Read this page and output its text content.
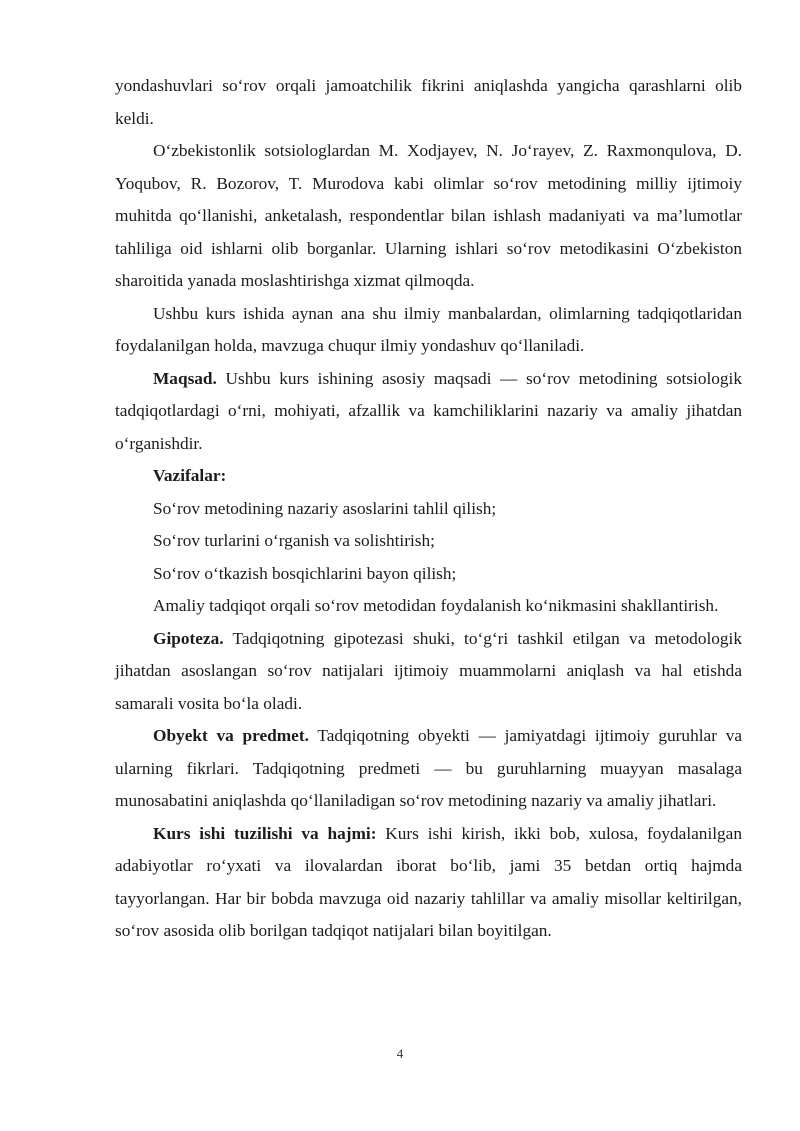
yondashuvlari so‘rov orqali jamoatchilik fikrini aniqlashda yangicha qarashlarni olib keldi.

O‘zbekistonlik sotsiologlardan M. Xodjayev, N. Jo‘rayev, Z. Raxmonqulova, D. Yoqubov, R. Bozorov, T. Murodova kabi olimlar so‘rov metodining milliy ijtimoiy muhitda qo‘llanishi, anketalash, respondentlar bilan ishlash madaniyati va ma’lumotlar tahliliga oid ishlarni olib borganlar. Ularning ishlari so‘rov metodikasini O‘zbekiston sharoitida yanada moslashtirishga xizmat qilmoqda.

Ushbu kurs ishida aynan ana shu ilmiy manbalardan, olimlarning tadqiqotlaridan foydalanilgan holda, mavzuga chuqur ilmiy yondashuv qo‘llaniladi.

Maqsad. Ushbu kurs ishining asosiy maqsadi — so‘rov metodining sotsiologik tadqiqotlardagi o‘rni, mohiyati, afzallik va kamchiliklarini nazariy va amaliy jihatdan o‘rganishdir.

Vazifalar:

So‘rov metodining nazariy asoslarini tahlil qilish;

So‘rov turlarini o‘rganish va solishtirish;

So‘rov o‘tkazish bosqichlarini bayon qilish;

Amaliy tadqiqot orqali so‘rov metodidan foydalanish ko‘nikmasini shakllantirish.

Gipoteza. Tadqiqotning gipotezasi shuki, to‘g‘ri tashkil etilgan va metodologik jihatdan asoslangan so‘rov natijalari ijtimoiy muammolarni aniqlash va hal etishda samarali vosita bo‘la oladi.

Obyekt va predmet. Tadqiqotning obyekti — jamiyatdagi ijtimoiy guruhlar va ularning fikrlari. Tadqiqotning predmeti — bu guruhlarning muayyan masalaga munosabatini aniqlashda qo‘llaniladigan so‘rov metodining nazariy va amaliy jihatlari.

Kurs ishi tuzilishi va hajmi: Kurs ishi kirish, ikki bob, xulosa, foydalanilgan adabiyotlar ro‘yxati va ilovalardan iborat bo‘lib, jami 35 betdan ortiq hajmda tayyorlangan. Har bir bobda mavzuga oid nazariy tahlillar va amaliy misollar keltirilgan, so‘rov asosida olib borilgan tadqiqot natijalari bilan boyitilgan.

4
